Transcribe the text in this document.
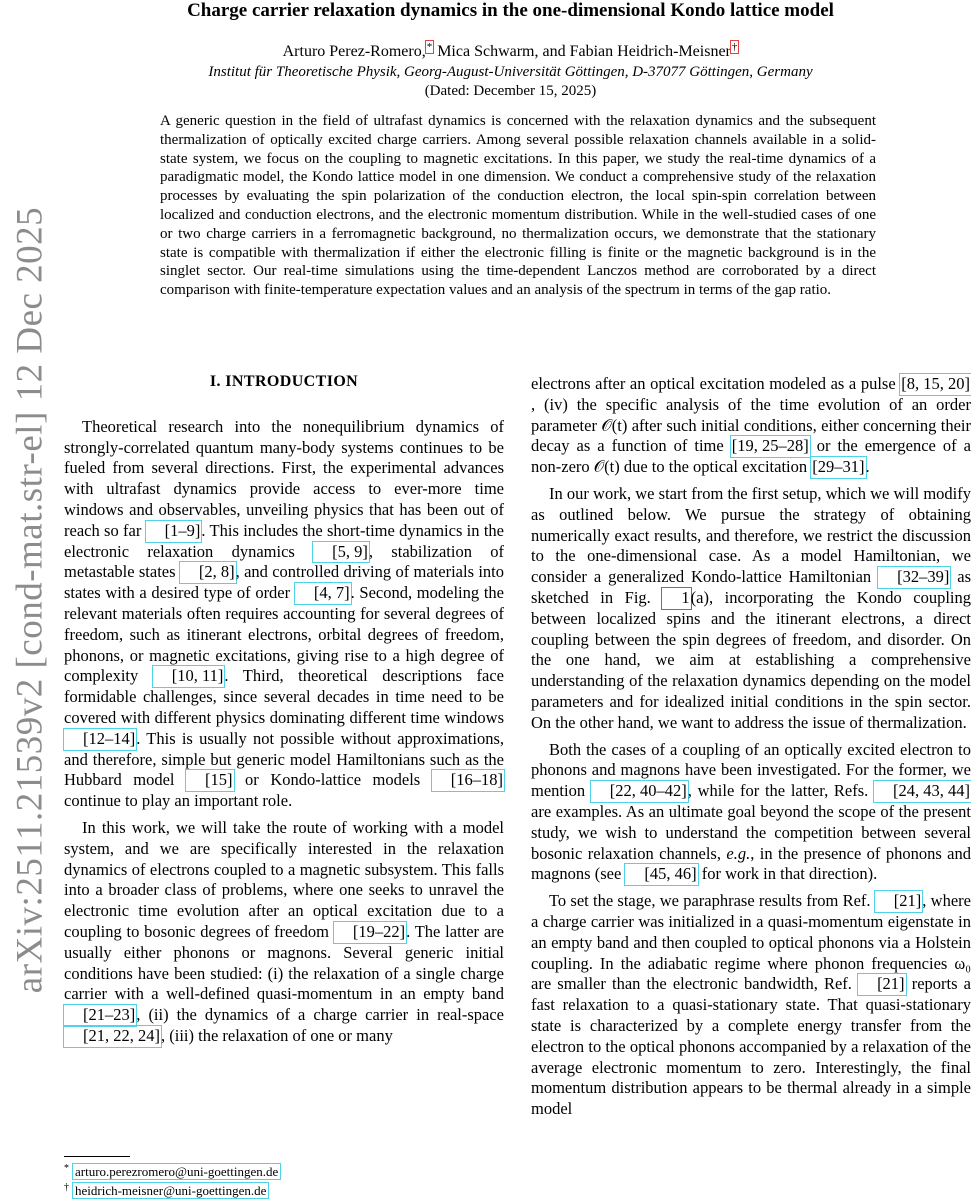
arXiv:2511.21539v2 [cond-mat.str-el] 12 Dec 2025
Charge carrier relaxation dynamics in the one-dimensional Kondo lattice model
Arturo Perez-Romero,* Mica Schwarm, and Fabian Heidrich-Meisner†
Institut für Theoretische Physik, Georg-August-Universität Göttingen, D-37077 Göttingen, Germany
(Dated: December 15, 2025)
A generic question in the field of ultrafast dynamics is concerned with the relaxation dynamics and the subsequent thermalization of optically excited charge carriers. Among several possible relaxation channels available in a solid-state system, we focus on the coupling to magnetic excitations. In this paper, we study the real-time dynamics of a paradigmatic model, the Kondo lattice model in one dimension. We conduct a comprehensive study of the relaxation processes by evaluating the spin polarization of the conduction electron, the local spin-spin correlation between localized and conduction electrons, and the electronic momentum distribution. While in the well-studied cases of one or two charge carriers in a ferromagnetic background, no thermalization occurs, we demonstrate that the stationary state is compatible with thermalization if either the electronic filling is finite or the magnetic background is in the singlet sector. Our real-time simulations using the time-dependent Lanczos method are corroborated by a direct comparison with finite-temperature expectation values and an analysis of the spectrum in terms of the gap ratio.
I. INTRODUCTION

Theoretical research into the nonequilibrium dynamics of strongly-correlated quantum many-body systems continues to be fueled from several directions. First, the experimental advances with ultrafast dynamics provide access to ever-more time windows and observables, unveiling physics that has been out of reach so far [1–9]. This includes the short-time dynamics in the electronic relaxation dynamics [5, 9], stabilization of metastable states [2, 8], and controlled driving of materials into states with a desired type of order [4, 7]. Second, modeling the relevant materials often requires accounting for several degrees of freedom, such as itinerant electrons, orbital degrees of freedom, phonons, or magnetic excitations, giving rise to a high degree of complexity [10, 11]. Third, theoretical descriptions face formidable challenges, since several decades in time need to be covered with different physics dominating different time windows [12–14]. This is usually not possible without approximations, and therefore, simple but generic model Hamiltonians such as the Hubbard model [15] or Kondo-lattice models [16–18] continue to play an important role.

In this work, we will take the route of working with a model system, and we are specifically interested in the relaxation dynamics of electrons coupled to a magnetic subsystem. This falls into a broader class of problems, where one seeks to unravel the electronic time evolution after an optical excitation due to a coupling to bosonic degrees of freedom [19–22]. The latter are usually either phonons or magnons. Several generic initial conditions have been studied: (i) the relaxation of a single charge carrier with a well-defined quasi-momentum in an empty band [21–23], (ii) the dynamics of a charge carrier in real-space [21, 22, 24], (iii) the relaxation of one or many

electrons after an optical excitation modeled as a pulse [8, 15, 20], (iv) the specific analysis of the time evolution of an order parameter 𝒪(t) after such initial conditions, either concerning their decay as a function of time [19, 25–28] or the emergence of a non-zero 𝒪(t) due to the optical excitation [29–31].

In our work, we start from the first setup, which we will modify as outlined below. We pursue the strategy of obtaining numerically exact results, and therefore, we restrict the discussion to the one-dimensional case. As a model Hamiltonian, we consider a generalized Kondo-lattice Hamiltonian [32–39] as sketched in Fig. 1(a), incorporating the Kondo coupling between localized spins and the itinerant electrons, a direct coupling between the spin degrees of freedom, and disorder. On the one hand, we aim at establishing a comprehensive understanding of the relaxation dynamics depending on the model parameters and for idealized initial conditions in the spin sector. On the other hand, we want to address the issue of thermalization.

Both the cases of a coupling of an optically excited electron to phonons and magnons have been investigated. For the former, we mention [22, 40–42], while for the latter, Refs. [24, 43, 44] are examples. As an ultimate goal beyond the scope of the present study, we wish to understand the competition between several bosonic relaxation channels, e.g., in the presence of phonons and magnons (see [45, 46] for work in that direction).

To set the stage, we paraphrase results from Ref. [21], where a charge carrier was initialized in a quasi-momentum eigenstate in an empty band and then coupled to optical phonons via a Holstein coupling. In the adiabatic regime where phonon frequencies ω₀ are smaller than the electronic bandwidth, Ref. [21] reports a fast relaxation to a quasi-stationary state. That quasi-stationary state is characterized by a complete energy transfer from the electron to the optical phonons accompanied by a relaxation of the average electronic momentum to zero. Interestingly, the final momentum distribution appears to be thermal already in a simple model

* arturo.perezromero@uni-goettingen.de
† heidrich-meisner@uni-goettingen.de
